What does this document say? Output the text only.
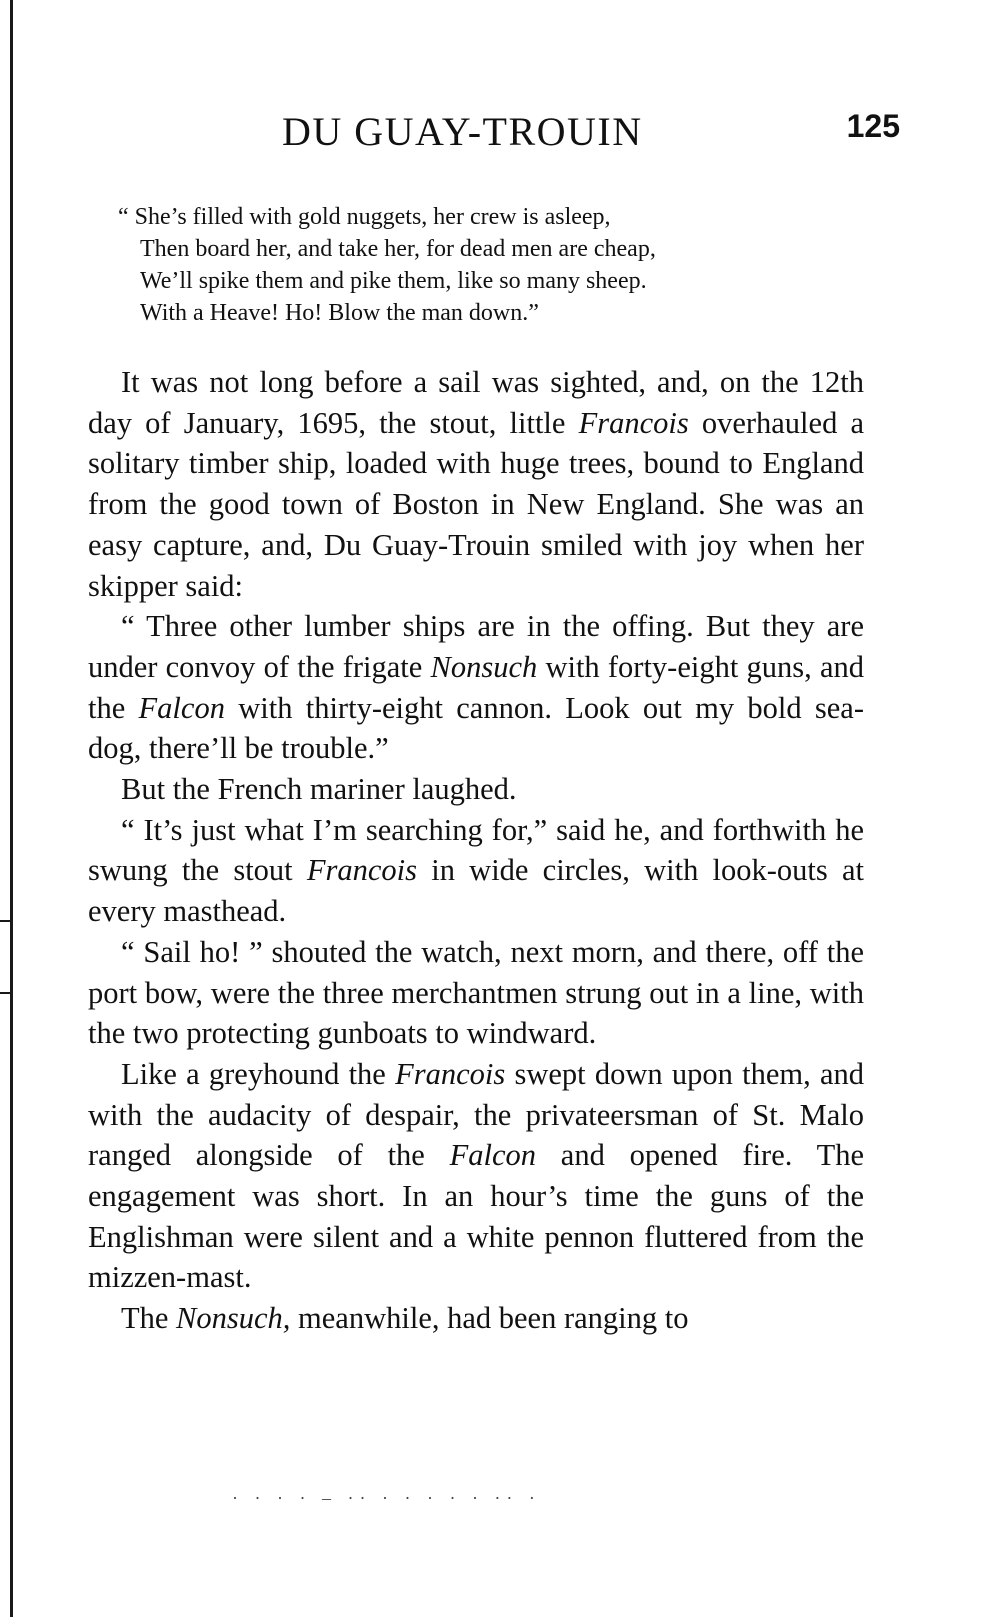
DU GUAY-TROUIN	125
“ She’s filled with gold nuggets, her crew is asleep,
Then board her, and take her, for dead men are cheap,
We’ll spike them and pike them, like so many sheep.
With a Heave! Ho! Blow the man down.”

It was not long before a sail was sighted, and, on the 12th day of January, 1695, the stout, little Francois overhauled a solitary timber ship, loaded with huge trees, bound to England from the good town of Boston in New England. She was an easy capture, and, Du Guay-Trouin smiled with joy when her skipper said:

“ Three other lumber ships are in the offing. But they are under convoy of the frigate Nonsuch with forty-eight guns, and the Falcon with thirty-eight cannon. Look out my bold sea-dog, there’ll be trouble.”

But the French mariner laughed.

“ It’s just what I’m searching for,” said he, and forthwith he swung the stout Francois in wide circles, with look-outs at every masthead.

“ Sail ho! ” shouted the watch, next morn, and there, off the port bow, were the three merchantmen strung out in a line, with the two protecting gunboats to windward.

Like a greyhound the Francois swept down upon them, and with the audacity of despair, the privateersman of St. Malo ranged alongside of the Falcon and opened fire. The engagement was short. In an hour’s time the guns of the Englishman were silent and a white pennon fluttered from the mizzen-mast.

The Nonsuch, meanwhile, had been ranging to

· · · · – ·· · · · · · ·· ·
